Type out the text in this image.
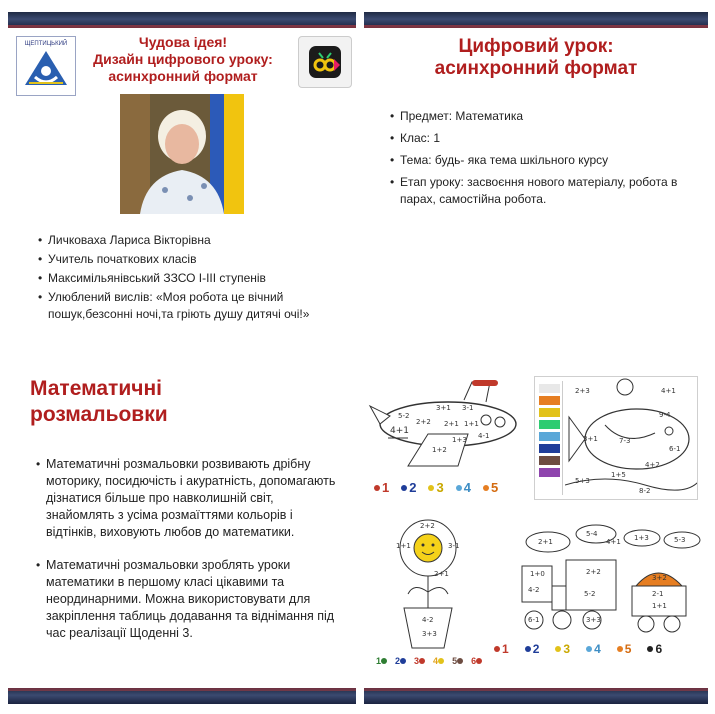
ЩЕПТИЦЬКИЙ	Чудова ідея!
Дизайн цифрового уроку:
асинхронний формат
• Личковаха Лариса Вікторівна
• Учитель початкових класів
• Максимільянівський ЗЗСО І-ІІІ ступенів
• Улюблений вислів: «Моя робота це вічний пошук,безсонні ночі,та гріють душу дитячі очі!»
Цифровий урок:
асинхронний формат
• Предмет: Математика
• Клас: 1
• Тема: будь- яка тема шкільного курсу
• Етап уроку: засвоєння нового матеріалу, робота в парах, самостійна робота.
Математичні
розмальовки
• Математичні розмальовки розвивають дрібну моторику, посидючість і акуратність, допомагають дізнатися більше про навколишній світ, знайомлять з усіма розмаїттями кольорів і відтінків, виховують любов до математики.
• Математичні розмальовки зроблять уроки математики в першому класі цікавими та неординарними. Можна використовувати для закріплення таблиць додавання та віднімання під час реалізації Щоденні 3.
4+1
3+1
2+2
1+2
5-2
3-1
1+3 4-1
2+1 1+1
1 2 3 4 5
2+3	4+1
9-4
7-3
5+3
6-1
4+2
1+5
8-2
3+1
2+2
1+1	3-1
2+1
4-2
3+3
1 2 3 4 5 6
2+1
5-4
4+1 1+3	5-3
3+2
2-1
4-2	5-2
1+0	2+2
1+1
3+3
6-1
1 2 3 4 5 6
